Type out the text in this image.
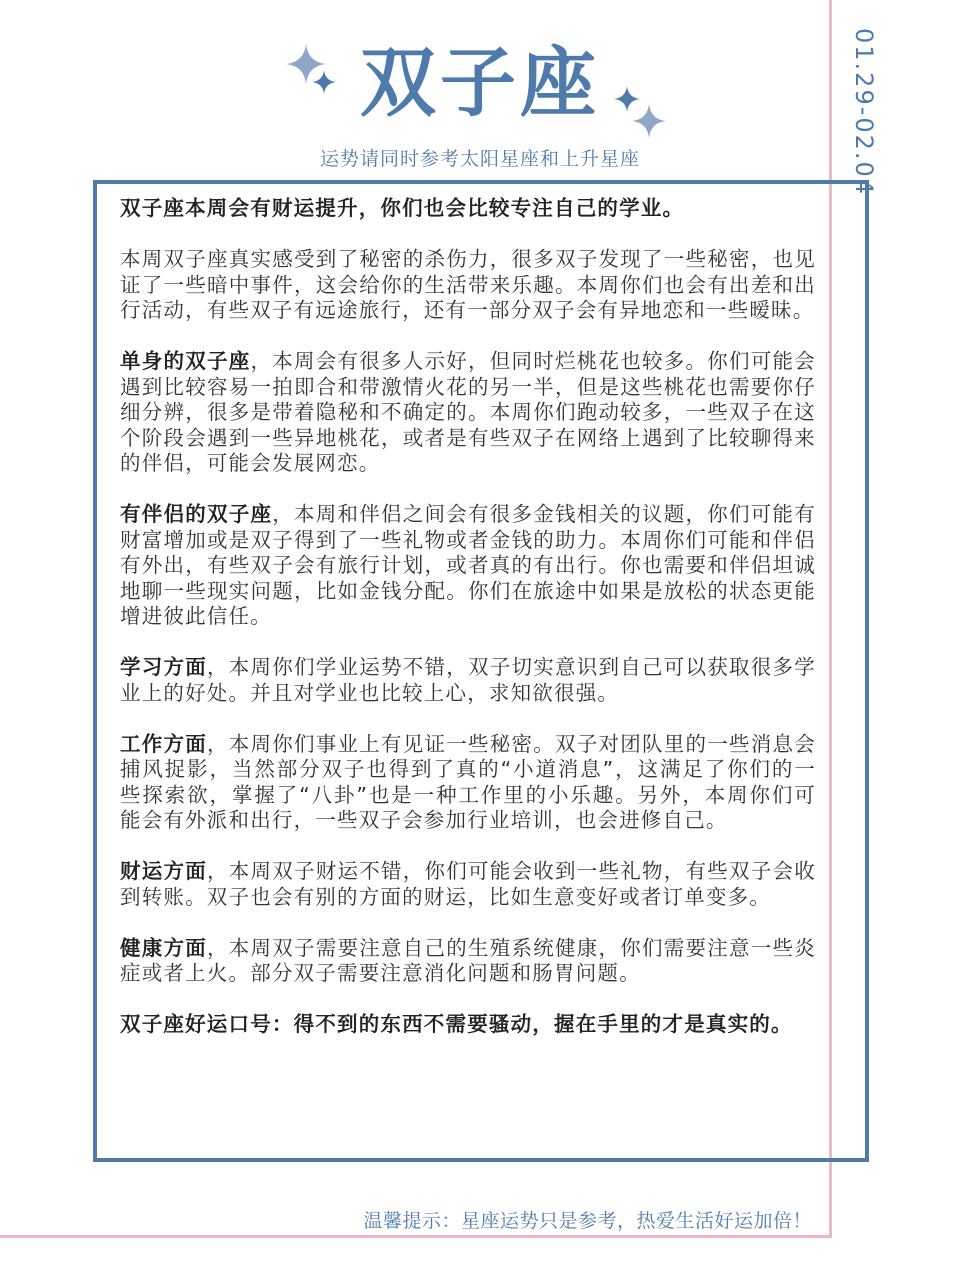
双子座
运势请同时参考太阳星座和上升星座	01.29-02.04

双子座本周会有财运提升，你们也会比较专注自己的学业。

本周双子座真实感受到了秘密的杀伤力，很多双子发现了一些秘密，也见证了一些暗中事件，这会给你的生活带来乐趣。本周你们也会有出差和出行活动，有些双子有远途旅行，还有一部分双子会有异地恋和一些暧昧。

单身的双子座，本周会有很多人示好，但同时烂桃花也较多。你们可能会遇到比较容易一拍即合和带激情火花的另一半，但是这些桃花也需要你仔细分辨，很多是带着隐秘和不确定的。本周你们跑动较多，一些双子在这个阶段会遇到一些异地桃花，或者是有些双子在网络上遇到了比较聊得来的伴侣，可能会发展网恋。

有伴侣的双子座，本周和伴侣之间会有很多金钱相关的议题，你们可能有财富增加或是双子得到了一些礼物或者金钱的助力。本周你们可能和伴侣有外出，有些双子会有旅行计划，或者真的有出行。你也需要和伴侣坦诚地聊一些现实问题，比如金钱分配。你们在旅途中如果是放松的状态更能增进彼此信任。

学习方面，本周你们学业运势不错，双子切实意识到自己可以获取很多学业上的好处。并且对学业也比较上心，求知欲很强。

工作方面，本周你们事业上有见证一些秘密。双子对团队里的一些消息会捕风捉影，当然部分双子也得到了真的“小道消息”，这满足了你们的一些探索欲，掌握了“八卦”也是一种工作里的小乐趣。另外，本周你们可能会有外派和出行，一些双子会参加行业培训，也会进修自己。

财运方面，本周双子财运不错，你们可能会收到一些礼物，有些双子会收到转账。双子也会有别的方面的财运，比如生意变好或者订单变多。

健康方面，本周双子需要注意自己的生殖系统健康，你们需要注意一些炎症或者上火。部分双子需要注意消化问题和肠胃问题。

双子座好运口号：得不到的东西不需要骚动，握在手里的才是真实的。

温馨提示：星座运势只是参考，热爱生活好运加倍！
